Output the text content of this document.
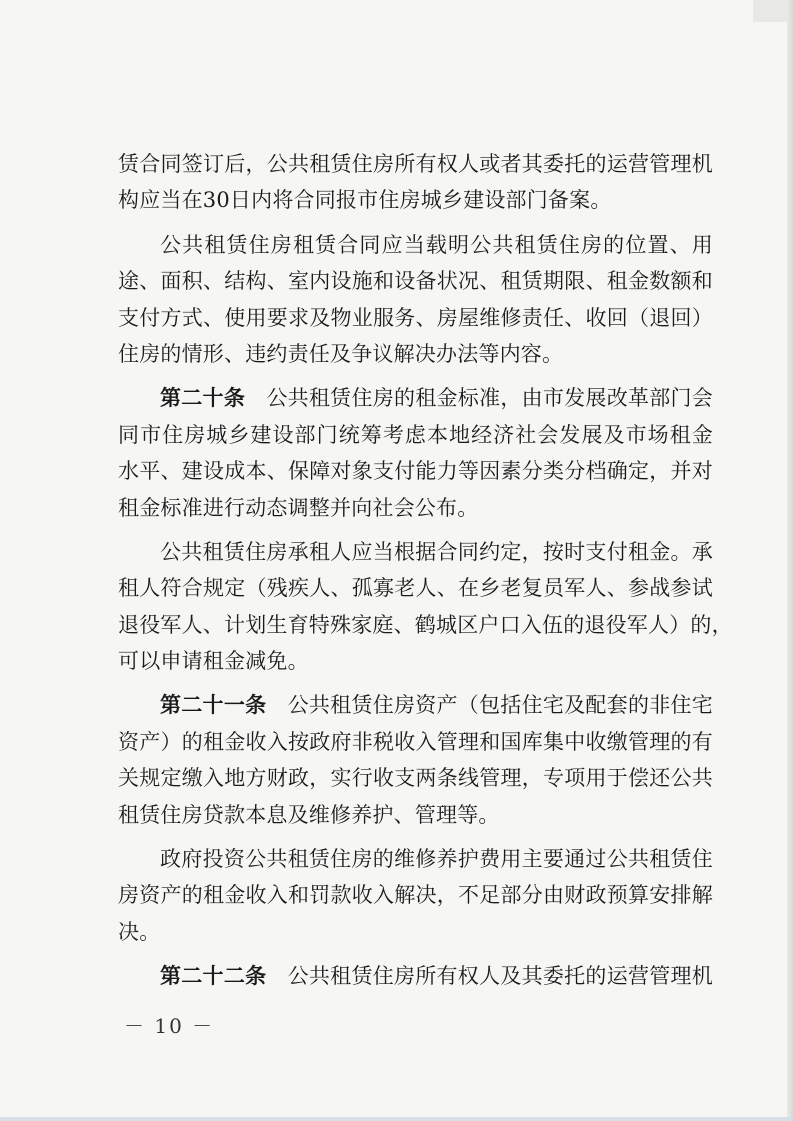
赁合同签订后，公共租赁住房所有权人或者其委托的运营管理机
构应当在30日内将合同报市住房城乡建设部门备案。
公共租赁住房租赁合同应当载明公共租赁住房的位置、用
途、面积、结构、室内设施和设备状况、租赁期限、租金数额和
支付方式、使用要求及物业服务、房屋维修责任、收回（退回）
住房的情形、违约责任及争议解决办法等内容。
第二十条　公共租赁住房的租金标准，由市发展改革部门会
同市住房城乡建设部门统筹考虑本地经济社会发展及市场租金
水平、建设成本、保障对象支付能力等因素分类分档确定，并对
租金标准进行动态调整并向社会公布。
公共租赁住房承租人应当根据合同约定，按时支付租金。承
租人符合规定（残疾人、孤寡老人、在乡老复员军人、参战参试
退役军人、计划生育特殊家庭、鹤城区户口入伍的退役军人）的，
可以申请租金减免。
第二十一条　公共租赁住房资产（包括住宅及配套的非住宅
资产）的租金收入按政府非税收入管理和国库集中收缴管理的有
关规定缴入地方财政，实行收支两条线管理，专项用于偿还公共
租赁住房贷款本息及维修养护、管理等。
政府投资公共租赁住房的维修养护费用主要通过公共租赁住
房资产的租金收入和罚款收入解决，不足部分由财政预算安排解
决。
第二十二条　公共租赁住房所有权人及其委托的运营管理机
－ 10 －
